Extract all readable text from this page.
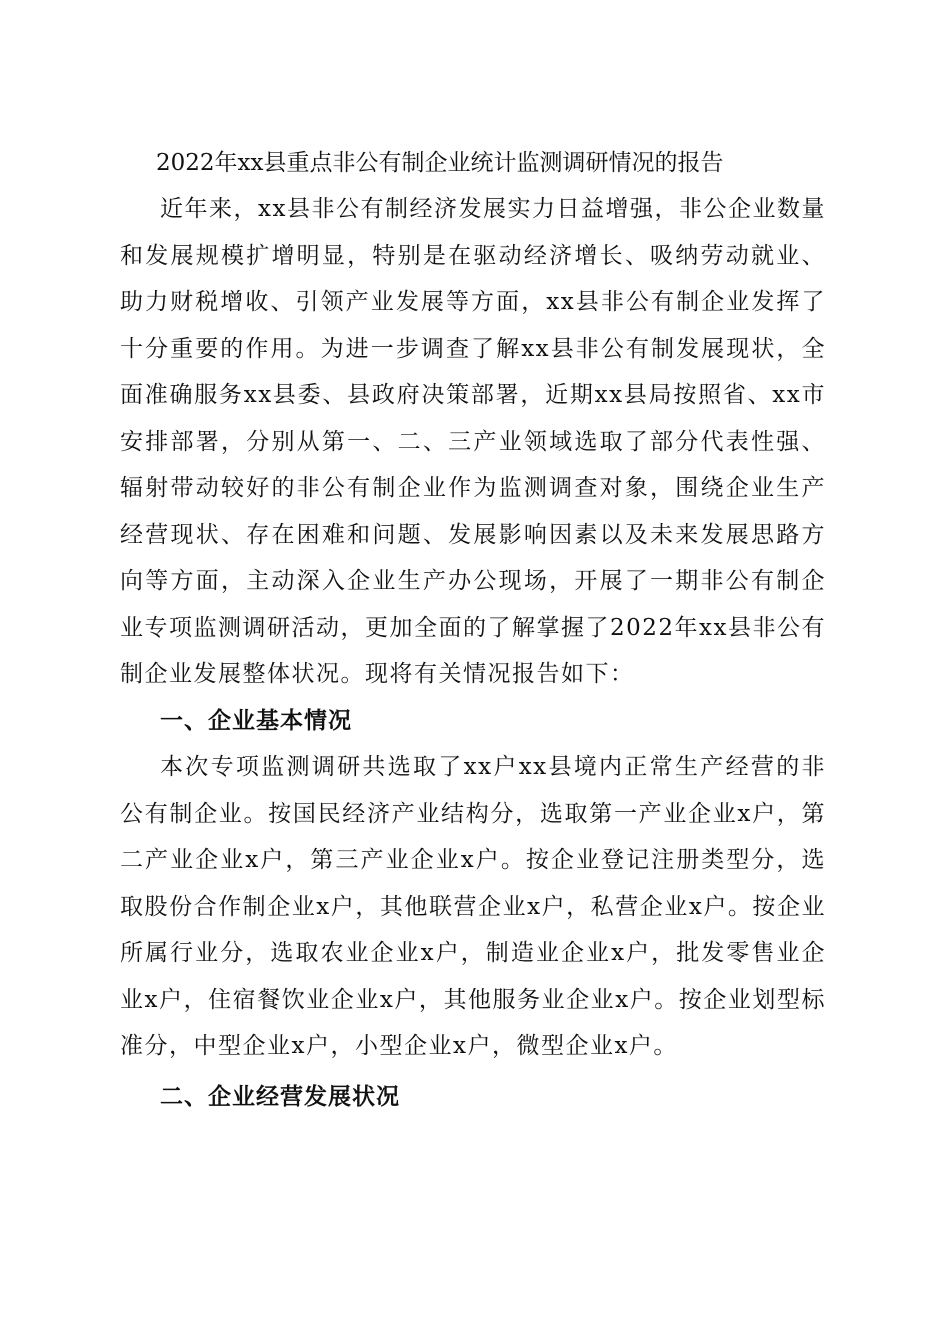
2022年xx县重点非公有制企业统计监测调研情况的报告

近年来，xx县非公有制经济发展实力日益增强，非公企业数量和发展规模扩增明显，特别是在驱动经济增长、吸纳劳动就业、助力财税增收、引领产业发展等方面，xx县非公有制企业发挥了十分重要的作用。为进一步调查了解xx县非公有制发展现状，全面准确服务xx县委、县政府决策部署，近期xx县局按照省、xx市安排部署，分别从第一、二、三产业领域选取了部分代表性强、辐射带动较好的非公有制企业作为监测调查对象，围绕企业生产经营现状、存在困难和问题、发展影响因素以及未来发展思路方向等方面，主动深入企业生产办公现场，开展了一期非公有制企业专项监测调研活动，更加全面的了解掌握了2022年xx县非公有制企业发展整体状况。现将有关情况报告如下：

一、企业基本情况

本次专项监测调研共选取了xx户xx县境内正常生产经营的非公有制企业。按国民经济产业结构分，选取第一产业企业x户，第二产业企业x户，第三产业企业x户。按企业登记注册类型分，选取股份合作制企业x户，其他联营企业x户，私营企业x户。按企业所属行业分，选取农业企业x户，制造业企业x户，批发零售业企业x户，住宿餐饮业企业x户，其他服务业企业x户。按企业划型标准分，中型企业x户，小型企业x户，微型企业x户。

二、企业经营发展状况
